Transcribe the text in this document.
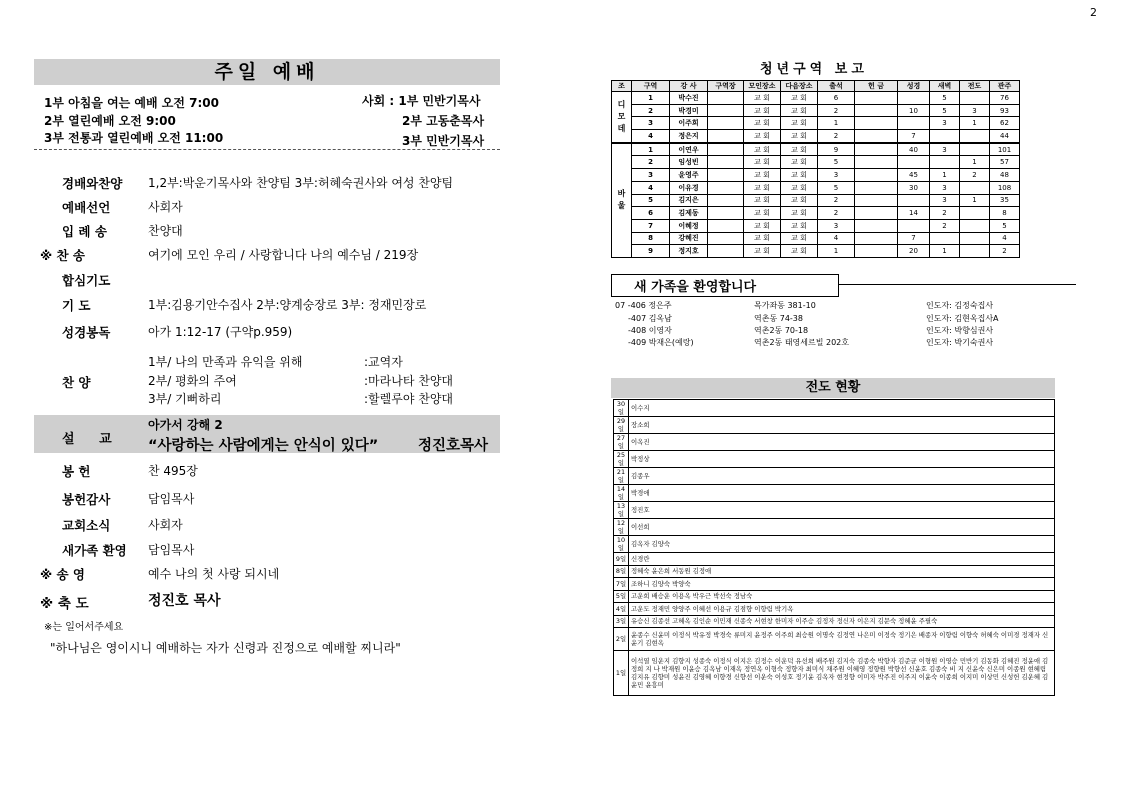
2
주일 예배
1부 아침을 여는 예배 오전 7:00	사회 : 1부 민반기목사
2부 열린예배 오전 9:00	2부 고동춘목사
3부 전통과 열린예배 오전 11:00	3부 민반기목사
경배와찬양 1,2부:박운기목사와 찬양팀 3부:허혜숙권사와 여성 찬양팀
예배선언	사회자
입 례 송	찬양대
※ 찬 송	여기에 모인 우리 / 사랑합니다 나의 예수님 / 219장
합심기도
기 도	1부:김용기안수집사 2부:양계숭장로 3부: 정재민장로
성경봉독	아가 1:12-17 (구약p.959)
찬 양
1부/ 나의 만족과 유익을 위해	:교역자
2부/ 평화의 주여	:마라나타 찬양대
3부/ 기뻐하리	:할렐루야 찬양대
설 교
아가서 강해 2
“사랑하는 사람에게는 안식이 있다”	정진호목사
봉 헌	찬 495장
봉헌감사	담임목사
교회소식	사회자
새가족 환영 담임목사
※ 송 영	예수 나의 첫 사랑 되시네
※ 축 도	정진호 목사
※는 일어서주세요
"하나님은 영이시니 예배하는 자가 신령과 진정으로 예배할 찌니라"
청년구역 보고
조	구역	강 사	구역장	모인장소	다음장소	출석	헌 금	성경	새벽	전도	관주
디
모
데	1	박수진		교 회	교 회	6			5		76
	2	박경미		교 회	교 회	2		10	5	3	93
	3	이주희		교 회	교 회	1			3	1	62
	4	정은지		교 회	교 회	2		7			44
바
울	1	이연우		교 회	교 회	9		40	3		101
	2	임성빈		교 회	교 회	5				1	57
	3	윤영주		교 회	교 회	3		45	1	2	48
	4	이유경		교 회	교 회	5		30	3		108
	5	김지은		교 회	교 회	2			3	1	35
	6	김제동		교 회	교 회	2		14	2		8
	7	이혜정		교 회	교 회	3			2		5
	8	강혜진		교 회	교 회	4		7			4
	9	정지호		교 회	교 회	1		20	1		2
새 가족을 환영합니다
07 -406 정은주	목가좌동 381-10	인도자: 김정숙집사
-407 김옥남	역촌동 74-38	인도자: 김현옥집사A
-408 이영자	역촌2동 70-18	인도자: 박향심권사
-409 박재은(예랑)	역촌2동 태영세르빌 202호	인도자: 박기숙권사
전도 현황
30일	이수지
29일	장소희
27일	이옥진
25일	박정상
21일	김종우
14일	박경애
13일	정진호
12일	이선희
10일	김옥자 김양숙
9일	신경란
8일	정혜숙 윤은희 서동원 김정애
7일	조하니 김양숙 박양숙
5일	고운희 배승운 이용옥 박우근 박선숙 정남숙
4일	고운도 정재민 양양주 이혜선 이용규 김점향 이향림 박기옥
3일	유승신 김종선 고혜옥 김인순 이민재 신종숙 서현창 한미자 이주승 김정자 정신자 이은지 김문숙 정혜윤 주필숙
2일	윤종수 신윤미 이정식 박유정 박경숙 류미지 윤정주 이주희 최승원 이명숙 김정연 나은미 이정숙 정기은 배종자 이향림 이향숙 허혜숙 이미경 정재자 신윤기 김현옥
1일	이석열 임운지 김향지 성종숙 이정식 이지은 김정수 이운덕 유선희 배주원 김지숙 김종숙 박향자 김준균 이형원 이영승 민반기 김동화 김혜진 정윤애 김정희 지 나 박재원 이윤승 김옥남 이재옥 정연옥 이형숙 정향자 최미식 채주원 이혜영 정향원 박향선 신윤호 김종숙 비 지 신윤숙 신은미 이종원 현혜림 김지유 김향미 성윤진 김영혜 이향경 신향선 이운숙 이성호 정기윤 김옥자 현정향 이미자 박주진 이주지 이윤숙 이종희 이지미 이상민 신성헌 김운혜 김윤민 윤흥미
